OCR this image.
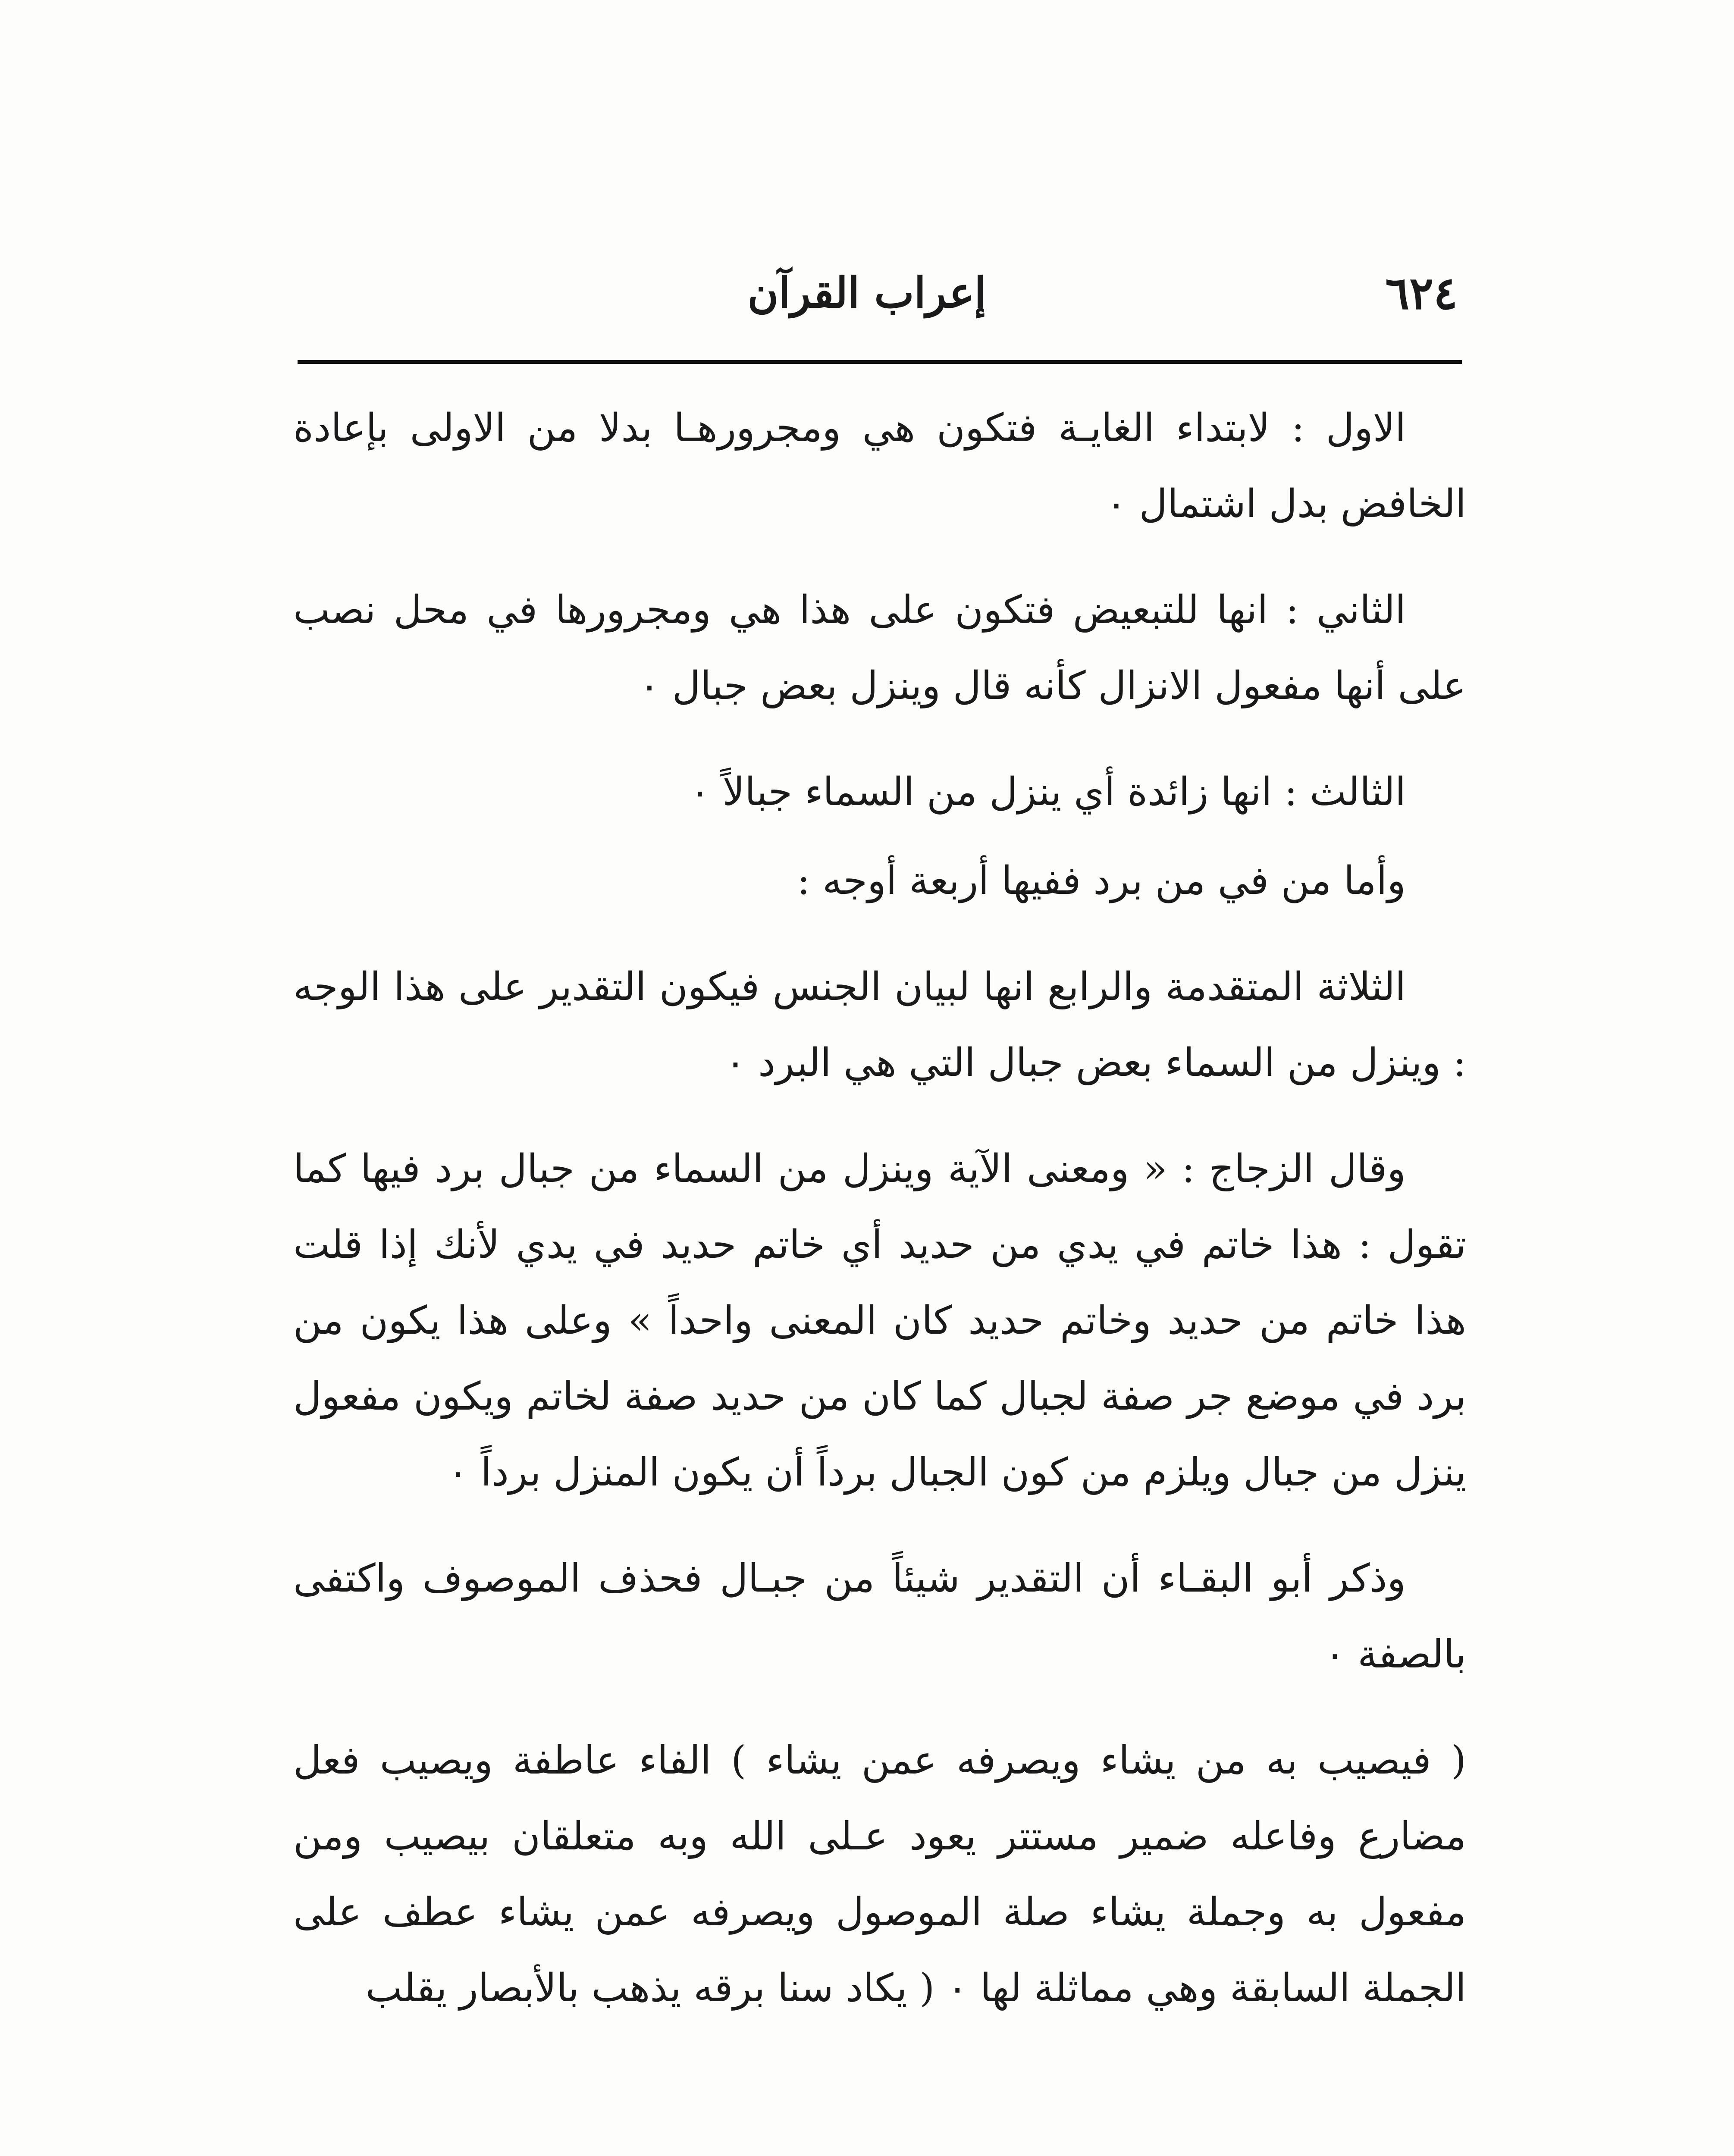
٦٢٤
إعراب القرآن

الاول : لابتداء الغايـة فتكون هي ومجرورهـا بدلا من الاولى بإعادة الخافض بدل اشتمال ٠

الثاني : انها للتبعيض فتكون على هذا هي ومجرورها في محل نصب على أنها مفعول الانزال كأنه قال وينزل بعض جبال ٠

الثالث : انها زائدة أي ينزل من السماء جبالاً ٠

وأما من في من برد ففيها أربعة أوجه :

الثلاثة المتقدمة والرابع انها لبيان الجنس فيكون التقدير على هذا الوجه : وينزل من السماء بعض جبال التي هي البرد ٠

وقال الزجاج : « ومعنى الآية وينزل من السماء من جبال برد فيها كما تقول : هذا خاتم في يدي من حديد أي خاتم حديد في يدي لأنك إذا قلت هذا خاتم من حديد وخاتم حديد كان المعنى واحداً » وعلى هذا يكون من برد في موضع جر صفة لجبال كما كان من حديد صفة لخاتم ويكون مفعول ينزل من جبال ويلزم من كون الجبال برداً أن يكون المنزل برداً ٠

وذكر أبو البقـاء أن التقدير شيئاً من جبـال فحذف الموصوف واكتفى بالصفة ٠

( فيصيب به من يشاء ويصرفه عمن يشاء ) الفاء عاطفة ويصيب فعل مضارع وفاعله ضمير مستتر يعود عـلى الله وبه متعلقان بيصيب ومن مفعول به وجملة يشاء صلة الموصول ويصرفه عمن يشاء عطف على الجملة السابقة وهي مماثلة لها ٠ ( يكاد سنا برقه يذهب بالأبصار يقلب
